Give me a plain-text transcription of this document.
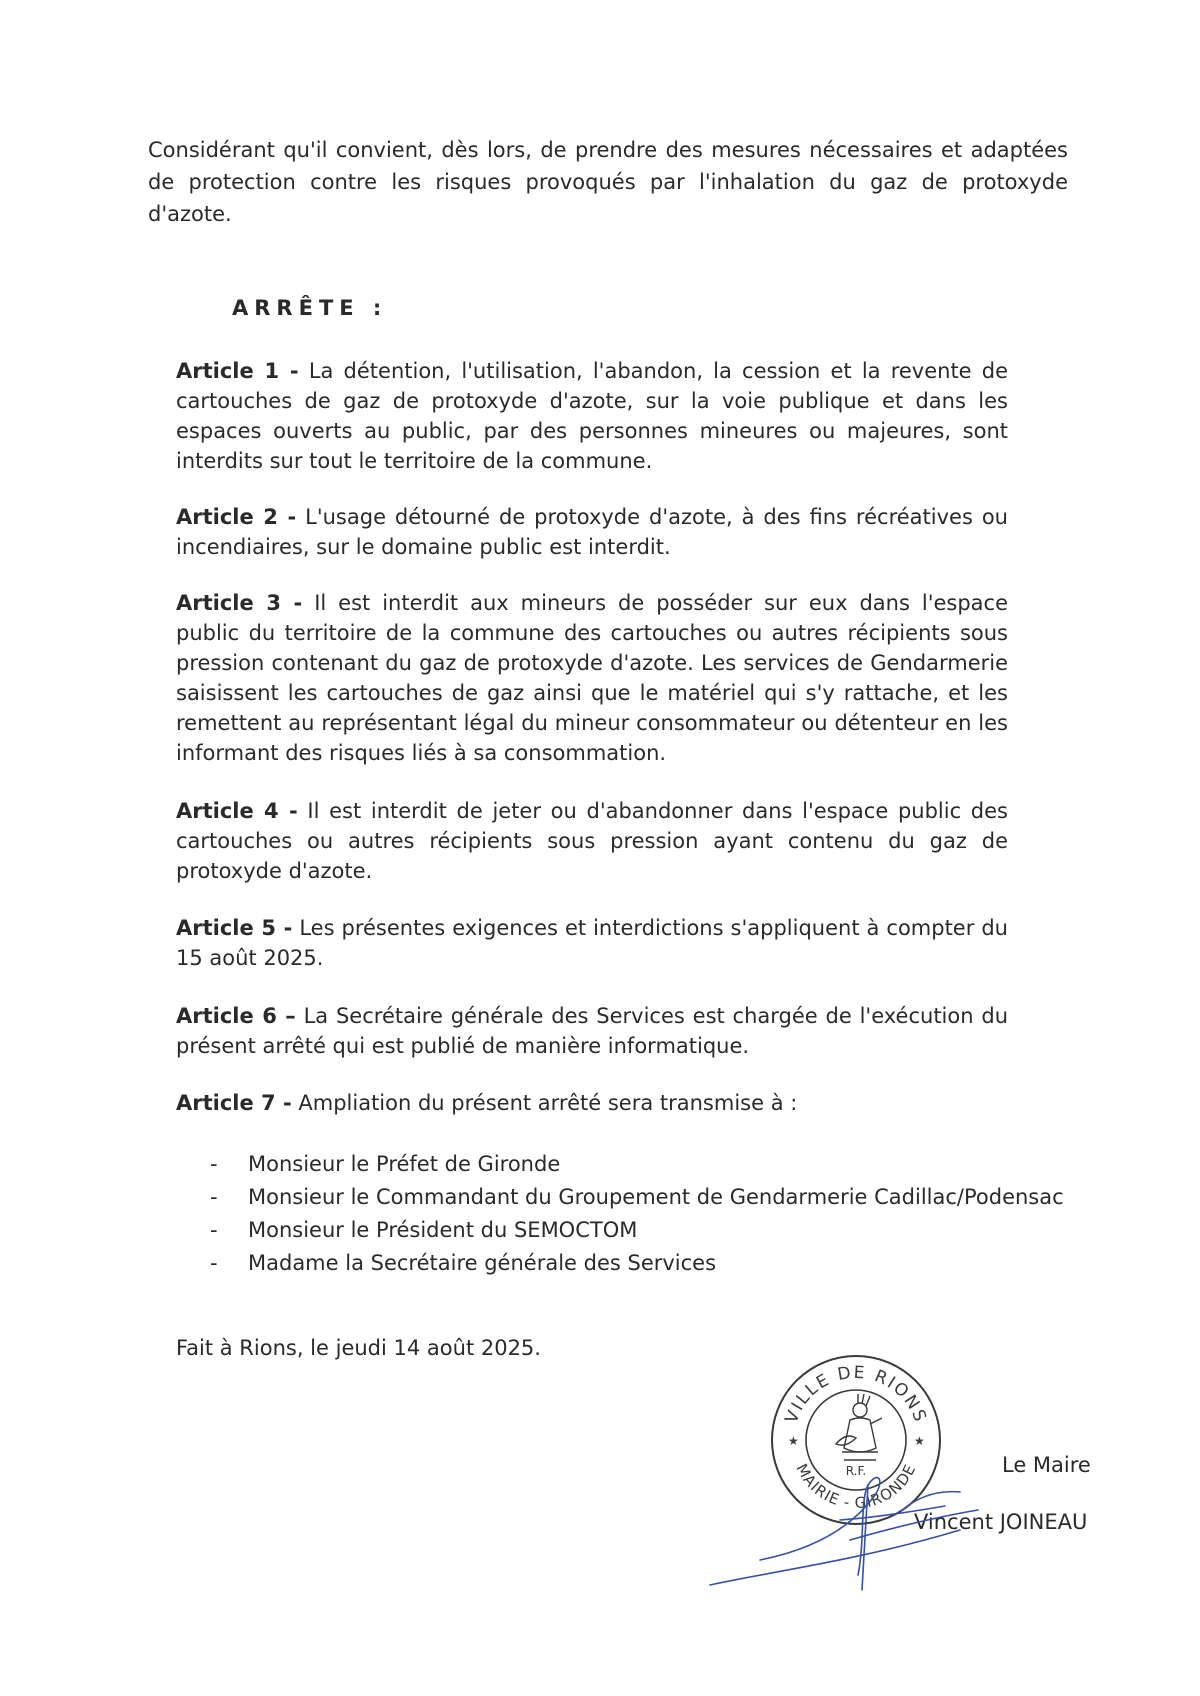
Considérant qu'il convient, dès lors, de prendre des mesures nécessaires et adaptées de protection contre les risques provoqués par l'inhalation du gaz de protoxyde d'azote.

ARRÊTE :

Article 1 - La détention, l'utilisation, l'abandon, la cession et la revente de cartouches de gaz de protoxyde d'azote, sur la voie publique et dans les espaces ouverts au public, par des personnes mineures ou majeures, sont interdits sur tout le territoire de la commune.

Article 2 - L'usage détourné de protoxyde d'azote, à des fins récréatives ou incendiaires, sur le domaine public est interdit.

Article 3 - Il est interdit aux mineurs de posséder sur eux dans l'espace public du territoire de la commune des cartouches ou autres récipients sous pression contenant du gaz de protoxyde d'azote. Les services de Gendarmerie saisissent les cartouches de gaz ainsi que le matériel qui s'y rattache, et les remettent au représentant légal du mineur consommateur ou détenteur en les informant des risques liés à sa consommation.

Article 4 - Il est interdit de jeter ou d'abandonner dans l'espace public des cartouches ou autres récipients sous pression ayant contenu du gaz de protoxyde d'azote.

Article 5 - Les présentes exigences et interdictions s'appliquent à compter du 15 août 2025.

Article 6 – La Secrétaire générale des Services est chargée de l'exécution du présent arrêté qui est publié de manière informatique.

Article 7 - Ampliation du présent arrêté sera transmise à :

- Monsieur le Préfet de Gironde
- Monsieur le Commandant du Groupement de Gendarmerie Cadillac/Podensac
- Monsieur le Président du SEMOCTOM
- Madame la Secrétaire générale des Services

Fait à Rions, le jeudi 14 août 2025.

VILLE DE RIONS
MAIRIE - GIRONDE
★	★
R.F.	Le Maire

Vincent JOINEAU
